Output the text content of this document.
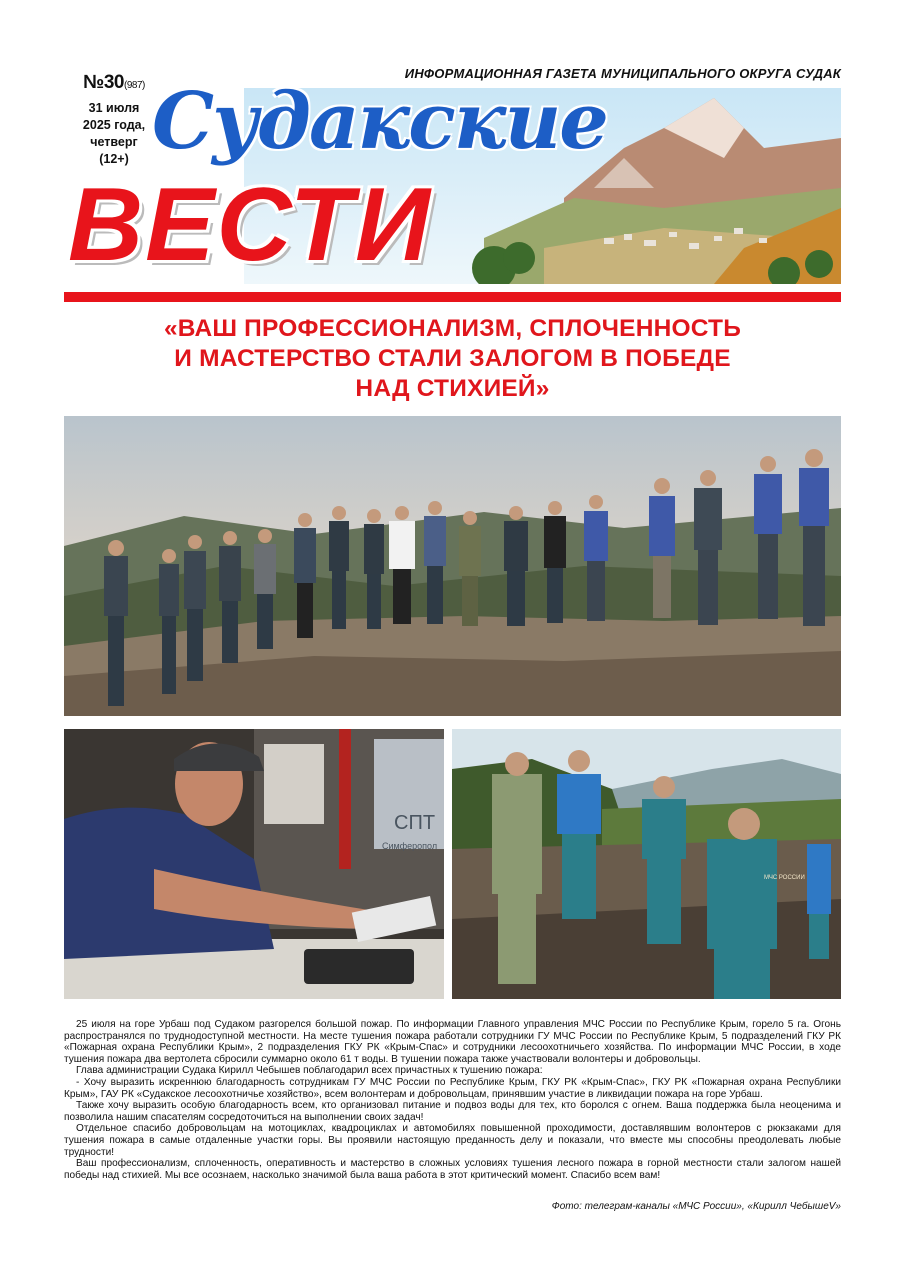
№30(987)
31 июля
2025 года,
четверг
(12+)
ИНФОРМАЦИОННАЯ ГАЗЕТА МУНИЦИПАЛЬНОГО ОКРУГА СУДАК
Судакские
ВЕСТИ
«ВАШ ПРОФЕССИОНАЛИЗМ, СПЛОЧЕННОСТЬ
И МАСТЕРСТВО СТАЛИ ЗАЛОГОМ В ПОБЕДЕ
НАД СТИХИЕЙ»
СПТ
Симферопол
МЧС РОССИИ

25 июля на горе Урбаш под Судаком разгорелся большой пожар. По информации Главного управления МЧС России по Республике Крым, горело 5 га. Огонь распространялся по труднодоступной местности. На месте тушения пожара работали сотрудники ГУ МЧС России по Республике Крым, 5 подразделений ГКУ РК «Пожарная охрана Республики Крым», 2 подразделения ГКУ РК «Крым-Спас» и сотрудники лесоохотничьего хозяйства. По информации МЧС России, в ходе тушения пожара два вертолета сбросили суммарно около 61 т воды. В тушении пожара также участвовали волонтеры и добровольцы.

Глава администрации Судака Кирилл Чебышев поблагодарил всех причастных к тушению пожара:

- Хочу выразить искреннюю благодарность сотрудникам ГУ МЧС России по Республике Крым, ГКУ РК «Крым-Спас», ГКУ РК «Пожарная охрана Республики Крым», ГАУ РК «Судакское лесоохотничье хозяйство», всем волонтерам и добровольцам, принявшим участие в ликвидации пожара на горе Урбаш.

Также хочу выразить особую благодарность всем, кто организовал питание и подвоз воды для тех, кто боролся с огнем. Ваша поддержка была неоценима и позволила нашим спасателям сосредоточиться на выполнении своих задач!

Отдельное спасибо добровольцам на мотоциклах, квадроциклах и автомобилях повышенной проходимости, доставлявшим волонтеров с рюкзаками для тушения пожара в самые отдаленные участки горы. Вы проявили настоящую преданность делу и показали, что вместе мы способны преодолевать любые трудности!

Ваш профессионализм, сплоченность, оперативность и мастерство в сложных условиях тушения лесного пожара в горной местности стали залогом нашей победы над стихией. Мы все осознаем, насколько значимой была ваша работа в этот критический момент. Спасибо всем вам!

Фото: телеграм-каналы «МЧС России», «Кирилл ЧебышеV»
